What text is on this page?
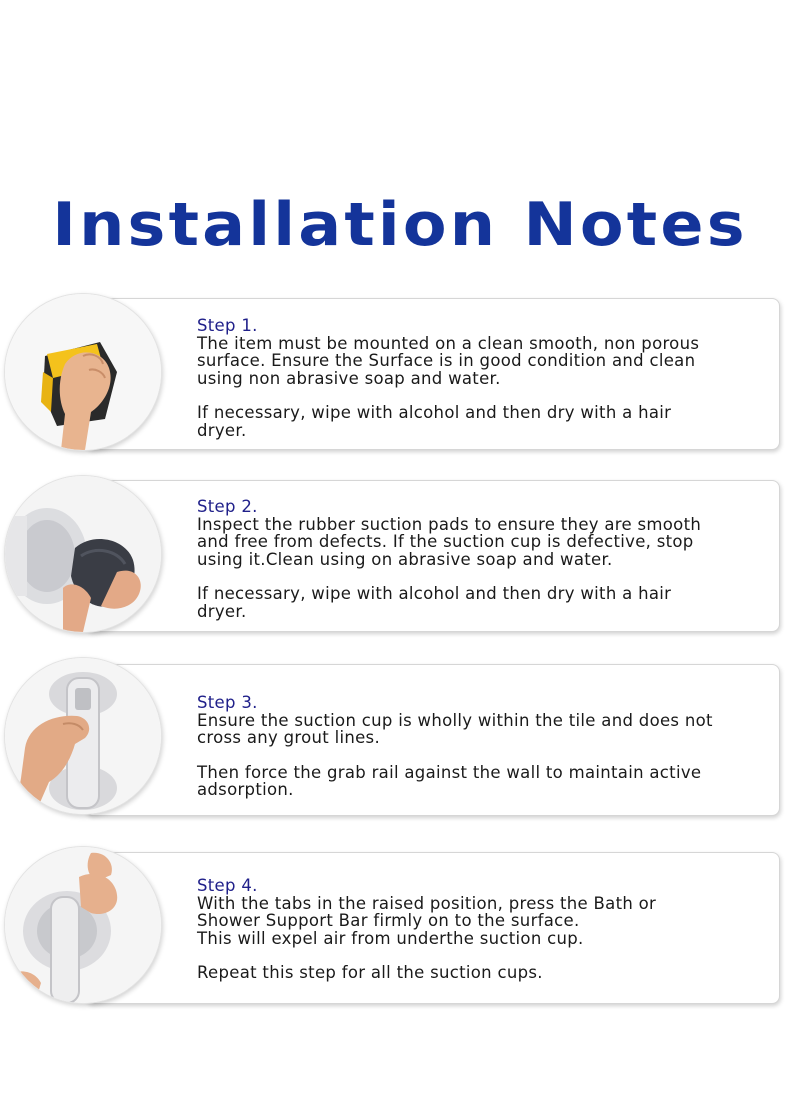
Installation Notes
Step 1.
The item must be mounted on a clean smooth, non porous
surface. Ensure the Surface is in good condition and clean
using non abrasive soap and water.
If necessary, wipe with alcohol and then dry with a hair
dryer.
Step 2.
Inspect the rubber suction pads to ensure they are smooth
and free from defects. If the suction cup is defective, stop
using it.Clean using on abrasive soap and water.
If necessary, wipe with alcohol and then dry with a hair
dryer.
Step 3.
Ensure the suction cup is wholly within the tile and does not
cross any grout lines.
Then force the grab rail against the wall to maintain active
adsorption.
Step 4.
With the tabs in the raised position, press the Bath or
Shower Support Bar firmly on to the surface.
This will expel air from underthe suction cup.
Repeat this step for all the suction cups.
